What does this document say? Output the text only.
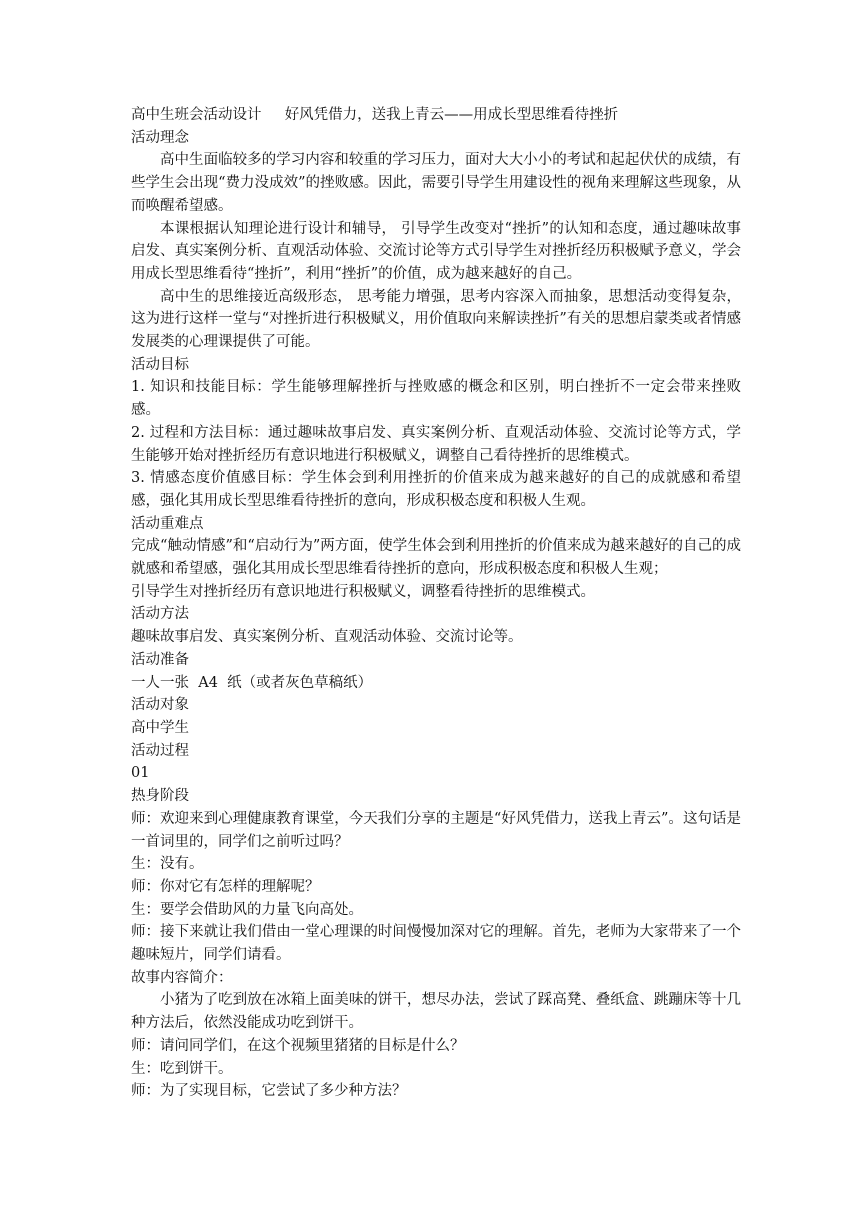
高中生班会活动设计 好风凭借力，送我上青云——用成长型思维看待挫折

活动理念

高中生面临较多的学习内容和较重的学习压力，面对大大小小的考试和起起伏伏的成绩，有些学生会出现“费力没成效”的挫败感。因此，需要引导学生用建设性的视角来理解这些现象，从而唤醒希望感。

本课根据认知理论进行设计和辅导， 引导学生改变对“挫折”的认知和态度，通过趣味故事启发、真实案例分析、直观活动体验、交流讨论等方式引导学生对挫折经历积极赋予意义，学会用成长型思维看待“挫折”，利用“挫折”的价值，成为越来越好的自己。

高中生的思维接近高级形态， 思考能力增强，思考内容深入而抽象，思想活动变得复杂，这为进行这样一堂与“对挫折进行积极赋义，用价值取向来解读挫折”有关的思想启蒙类或者情感发展类的心理课提供了可能。

活动目标

1. 知识和技能目标：学生能够理解挫折与挫败感的概念和区别，明白挫折不一定会带来挫败感。

2. 过程和方法目标：通过趣味故事启发、真实案例分析、直观活动体验、交流讨论等方式，学生能够开始对挫折经历有意识地进行积极赋义，调整自己看待挫折的思维模式。

3. 情感态度价值感目标：学生体会到利用挫折的价值来成为越来越好的自己的成就感和希望感，强化其用成长型思维看待挫折的意向，形成积极态度和积极人生观。

活动重难点

完成“触动情感”和“启动行为”两方面，使学生体会到利用挫折的价值来成为越来越好的自己的成就感和希望感，强化其用成长型思维看待挫折的意向，形成积极态度和积极人生观；

引导学生对挫折经历有意识地进行积极赋义，调整看待挫折的思维模式。

活动方法

趣味故事启发、真实案例分析、直观活动体验、交流讨论等。

活动准备

一人一张  A4  纸（或者灰色草稿纸）

活动对象

高中学生

活动过程

01

热身阶段

师：欢迎来到心理健康教育课堂，今天我们分享的主题是“好风凭借力，送我上青云”。这句话是一首词里的，同学们之前听过吗？

生：没有。

师：你对它有怎样的理解呢？

生：要学会借助风的力量飞向高处。

师：接下来就让我们借由一堂心理课的时间慢慢加深对它的理解。首先，老师为大家带来了一个趣味短片，同学们请看。

故事内容简介：

小猪为了吃到放在冰箱上面美味的饼干，想尽办法，尝试了踩高凳、叠纸盒、跳蹦床等十几种方法后，依然没能成功吃到饼干。

师：请问同学们，在这个视频里猪猪的目标是什么？

生：吃到饼干。

师：为了实现目标，它尝试了多少种方法？
